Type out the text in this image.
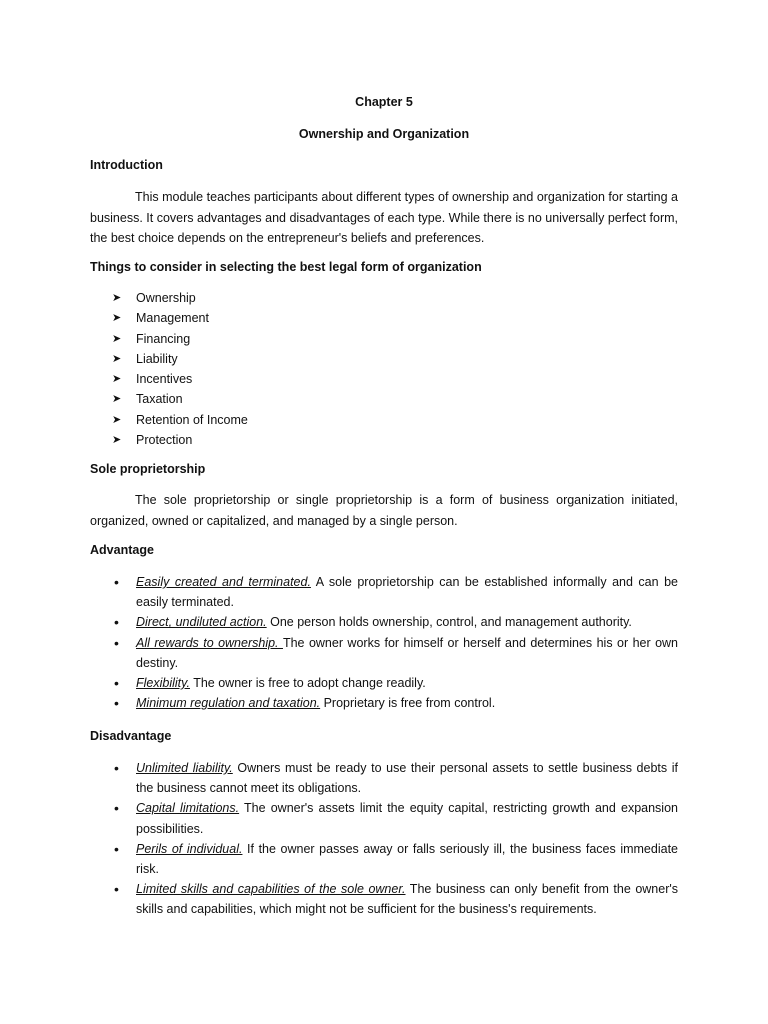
Chapter 5

Ownership and Organization

Introduction

This module teaches participants about different types of ownership and organization for starting a business. It covers advantages and disadvantages of each type. While there is no universally perfect form, the best choice depends on the entrepreneur's beliefs and preferences.

Things to consider in selecting the best legal form of organization

➤ Ownership
➤ Management
➤ Financing
➤ Liability
➤ Incentives
➤ Taxation
➤ Retention of Income
➤ Protection

Sole proprietorship

The sole proprietorship or single proprietorship is a form of business organization initiated, organized, owned or capitalized, and managed by a single person.

Advantage

• Easily created and terminated. A sole proprietorship can be established informally and can be easily terminated.
• Direct, undiluted action. One person holds ownership, control, and management authority.
• All rewards to ownership. The owner works for himself or herself and determines his or her own destiny.
• Flexibility. The owner is free to adopt change readily.
• Minimum regulation and taxation. Proprietary is free from control.

Disadvantage

• Unlimited liability. Owners must be ready to use their personal assets to settle business debts if the business cannot meet its obligations.
• Capital limitations. The owner's assets limit the equity capital, restricting growth and expansion possibilities.
• Perils of individual. If the owner passes away or falls seriously ill, the business faces immediate risk.
• Limited skills and capabilities of the sole owner. The business can only benefit from the owner's skills and capabilities, which might not be sufficient for the business's requirements.
